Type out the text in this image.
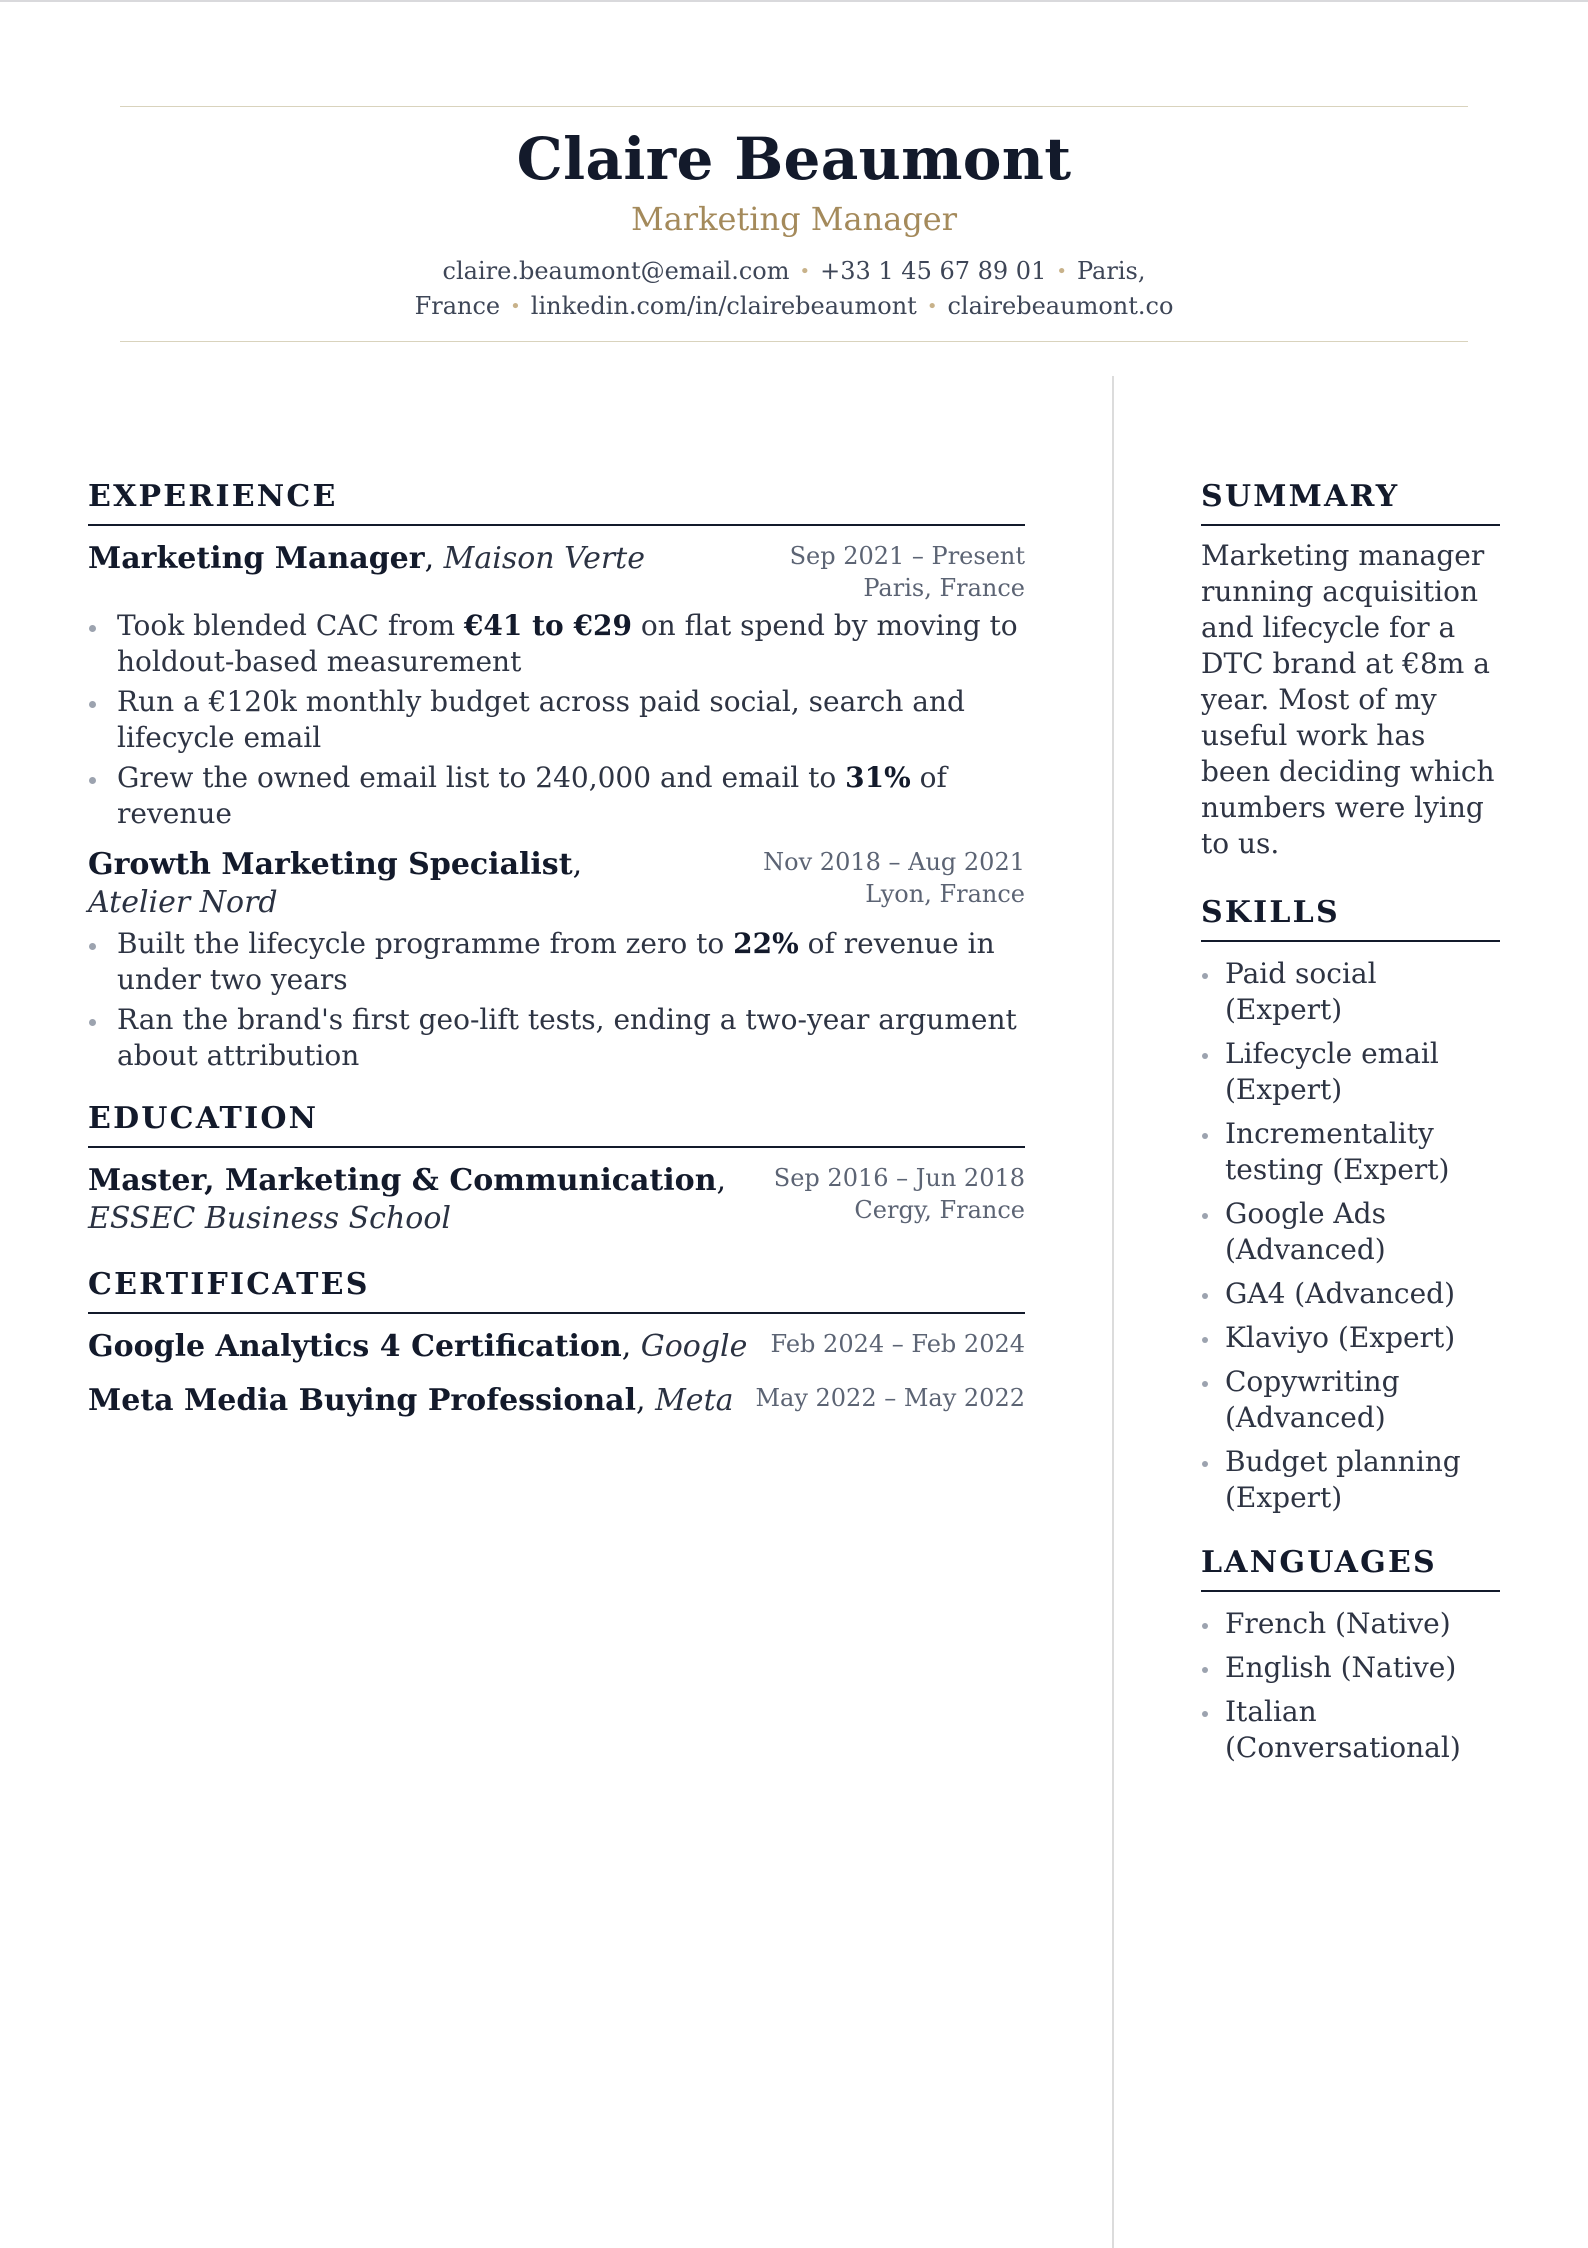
Claire Beaumont
Marketing Manager
claire.beaumont@email.com • +33 1 45 67 89 01 • Paris, France • linkedin.com/in/clairebeaumont • clairebeaumont.co
EXPERIENCE
Marketing Manager, Maison Verte	Sep 2021 – Present
Paris, France
Took blended CAC from €41 to €29 on flat spend by moving to holdout-based measurement
Run a €120k monthly budget across paid social, search and lifecycle email
Grew the owned email list to 240,000 and email to 31% of revenue
Growth Marketing Specialist, Atelier Nord
Nov 2018 – Aug 2021
Lyon, France
Built the lifecycle programme from zero to 22% of revenue in under two years
Ran the brand's first geo-lift tests, ending a two-year argument about attribution
EDUCATION
Master, Marketing & Communication,
ESSEC Business School
Sep 2016 – Jun 2018
Cergy, France
CERTIFICATES
Google Analytics 4 Certification, Google Feb 2024 – Feb 2024
Meta Media Buying Professional, Meta May 2022 – May 2022
SUMMARY

Marketing manager running acquisition and lifecycle for a DTC brand at €8m a year. Most of my useful work has been deciding which numbers were lying to us.

SKILLS
Paid social (Expert)
Lifecycle email (Expert)
Incrementality testing (Expert)
Google Ads (Advanced)
GA4 (Advanced)
Klaviyo (Expert)
Copywriting (Advanced)
Budget planning (Expert)
LANGUAGES
French (Native)
English (Native)
Italian (Conversational)
